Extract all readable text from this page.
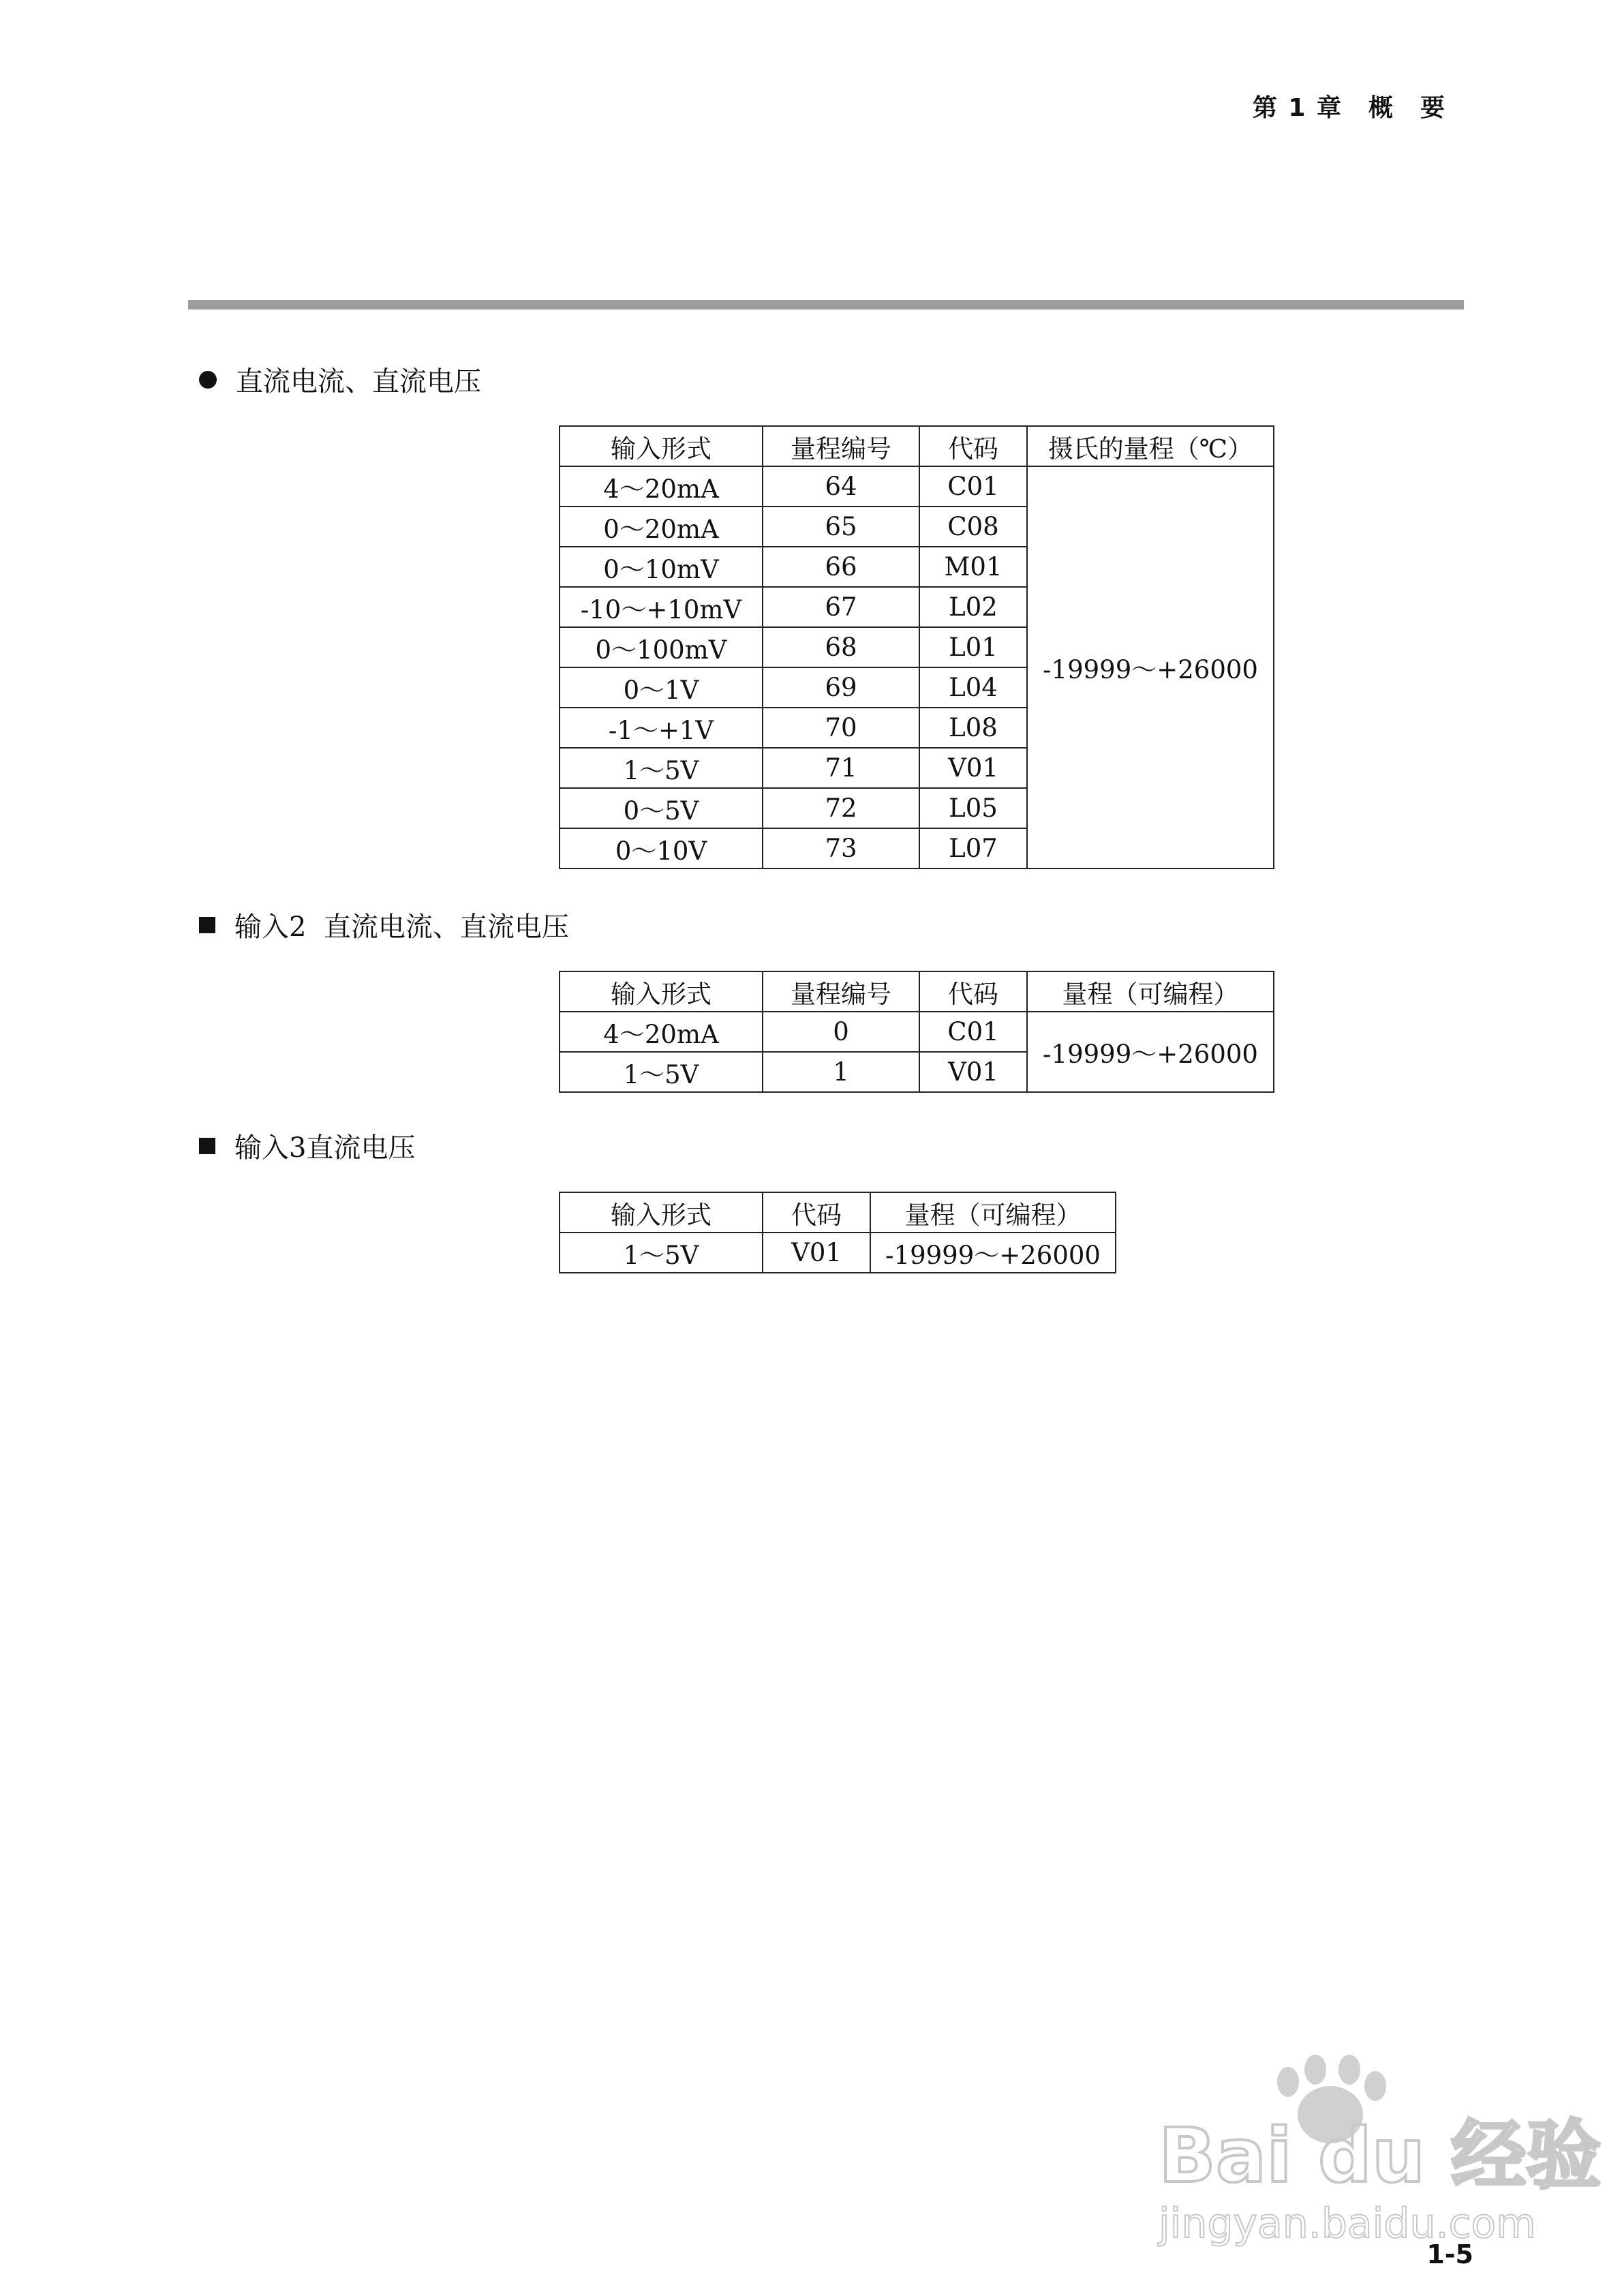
第 1 章　概　要
直流电流、直流电压
输入形式	量程编号	代码	摄氏的量程（℃）
4～20mA	64	C01	-19999～+26000
0～20mA	65	C08	
0～10mV	66	M01	
-10～+10mV	67	L02	
0～100mV	68	L01	
0～1V	69	L04	
-1～+1V	70	L08	
1～5V	71	V01	
0～5V	72	L05	
0～10V	73	L07	
输入2  直流电流、直流电压
输入形式	量程编号	代码	量程（可编程）
4～20mA	0	C01	-19999～+26000
1～5V	1	V01	
输入3直流电压
输入形式	代码	量程（可编程）
1～5V	V01	-19999～+26000
Bai du 经验
jingyan.baidu.com
1-5
